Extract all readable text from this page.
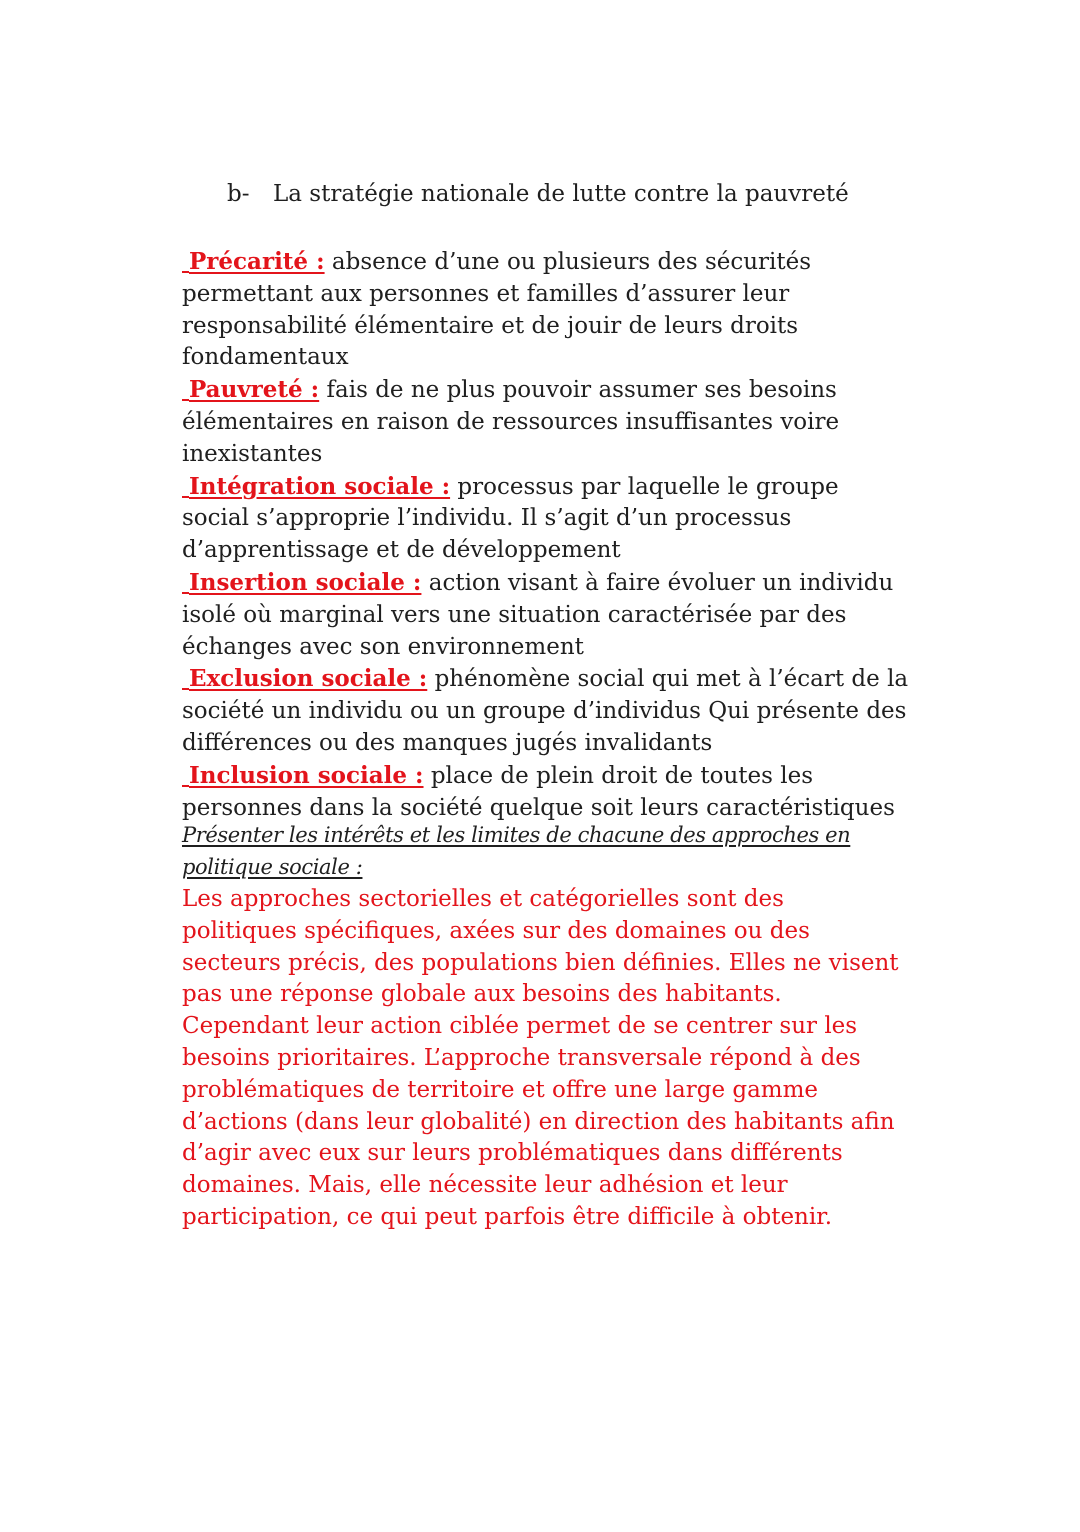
b- La stratégie nationale de lutte contre la pauvreté

Précarité : absence d’une ou plusieurs des sécurités permettant aux personnes et familles d’assurer leur responsabilité élémentaire et de jouir de leurs droits fondamentaux

Pauvreté : fais de ne plus pouvoir assumer ses besoins élémentaires en raison de ressources insuffisantes voire inexistantes

Intégration sociale : processus par laquelle le groupe social s’approprie l’individu. Il s’agit d’un processus d’apprentissage et de développement

Insertion sociale : action visant à faire évoluer un individu isolé où marginal vers une situation caractérisée par des échanges avec son environnement

Exclusion sociale : phénomène social qui met à l’écart de la société un individu ou un groupe d’individus Qui présente des différences ou des manques jugés invalidants

Inclusion sociale : place de plein droit de toutes les personnes dans la société quelque soit leurs caractéristiques

Présenter les intérêts et les limites de chacune des approches en politique sociale :
Les approches sectorielles et catégorielles sont des politiques spécifiques, axées sur des domaines ou des secteurs précis, des populations bien définies. Elles ne visent pas une réponse globale aux besoins des habitants. Cependant leur action ciblée permet de se centrer sur les besoins prioritaires. L’approche transversale répond à des problématiques de territoire et offre une large gamme d’actions (dans leur globalité) en direction des habitants afin d’agir avec eux sur leurs problématiques dans différents domaines. Mais, elle nécessite leur adhésion et leur participation, ce qui peut parfois être difficile à obtenir.
